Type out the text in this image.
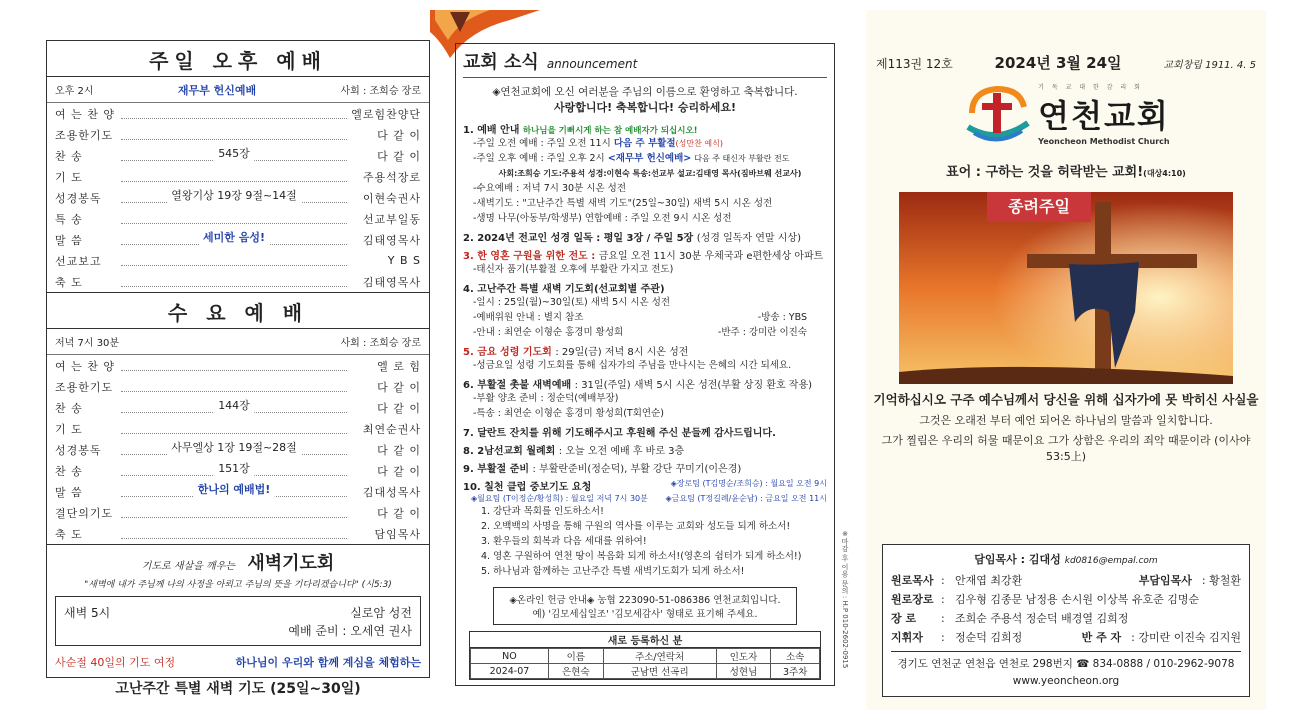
주일 오후 예배
오후 2시	재무부 헌신예배	사회 : 조희승 장로
여 는 찬 양	엘로힘찬양단
조용한기도	다 같 이
찬 송	545장	다 같 이
기 도	주용석장로
성경봉독	열왕기상 19장 9절~14절	이현숙권사
특 송	선교부일동
말 씀	세미한 음성!	김태영목사
선교보고	Y B S
축 도	김태영목사
수 요 예 배
저녁 7시 30분	사회 : 조희승 장로
여 는 찬 양	엘 로 힘
조용한기도	다 같 이
찬 송	144장	다 같 이
기 도	최연순권사
성경봉독	사무엘상 1장 19절~28절	다 같 이
찬 송	151장	다 같 이
말 씀	한나의 예배법!	김대성목사
결단의기도	다 같 이
축 도	담임목사
기도로 새살을 깨우는 새벽기도회
"새벽에 내가 주님께 나의 사정을 아뢰고 주님의 뜻을 기다리겠습니다" (시5:3)
새벽 5시	실로암 성전
예배 준비 : 오세연 권사
사순절 40일의 기도 여정	하나님이 우리와 함께 계심을 체험하는
고난주간 특별 새벽 기도 (25일~30일)
교회 소식 announcement
◈연천교회에 오신 여러분을 주님의 이름으로 환영하고 축복합니다.
사랑합니다! 축복합니다! 승리하세요!
1. 예배 안내 하나님을 기뻐시게 하는 참 예배자가 되십시오!
-주일 오전 예배 : 주일 오전 11시 다음 주 부활절(성만찬 예식)
-주일 오후 예배 : 주일 오후 2시 <재무부 헌신예배> 다음 주 태신자 부활란 전도
사회:조희승 기도:주용석 성경:이현숙 특송:선교부 설교:김태영 목사(짐바브웨 선교사)
-수요예배 : 저녁 7시 30분 시온 성전
-새벽기도 : "고난주간 특별 새벽 기도"(25일~30일) 새벽 5시 시온 성전
-생명 나무(아동부/학생부) 연합예배 : 주일 오전 9시 시온 성전
2. 2024년 전교인 성경 일독 : 평일 3장 / 주일 5장 (성경 일독자 연말 시상)
3. 한 영혼 구원을 위한 전도 : 금요일 오전 11시 30분 우체국과 e편한세상 아파트
-태신자 품기(부활절 오후에 부활란 가지고 전도)
4. 고난주간 특별 새벽 기도회(선교회별 주관)
-일시 : 25일(월)~30일(토) 새벽 5시 시온 성전
-예배위원 안내 : 별지 참조	-방송 : YBS
-안내 : 최연순 이형순 홍경미 황성희	-반주 : 강미란 이진숙
5. 금요 성령 기도회 : 29일(금) 저녁 8시 시온 성전
-성금요일 성령 기도회를 통해 십자가의 주님을 만나시는 은혜의 시간 되세요.
6. 부활절 촛불 새벽예배 : 31일(주일) 새벽 5시 시온 성전(부활 상징 환호 작용)
-부활 양초 준비 : 정순덕(예배부장)
-특송 : 최연순 이형순 홍경미 황성희(T회연순)
7. 달란트 잔치를 위해 기도해주시고 후원해 주신 분들께 감사드립니다.
8. 2남선교회 월례회 : 오늘 오전 예배 후 바로 3층
9. 부활절 준비 : 부활란준비(정순덕), 부활 강단 꾸미기(이은경)
10. 칠천 클럽 중보기도 요청	◈장로팀 (T김명순/조희승) : 월요일 오전 9시
◈월요팀 (T이정순/황성희) : 월요일 저녁 7시 30분 ◈금요팀 (T정길례/윤순남) : 금요일 오전 11시
1. 강단과 목회를 인도하소서!
2. 오백백의 사명을 통해 구원의 역사를 이루는 교회와 성도들 되게 하소서!
3. 환우들의 회복과 다음 세대를 위하여!
4. 영혼 구원하여 연천 땅이 복음화 되게 하소서!(영혼의 쉼터가 되게 하소서!)
5. 하나님과 함께하는 고난주간 특별 새벽기도회가 되게 하소서!
◈온라인 헌금 안내◈ 농협 223090-51-086386 연천교회입니다.
예) '김모세십일조' '김모세감사' 형태로 표기해 주세요.
새로 등록하신 분
NO	이름	주소/연락처	인도자	소속
2024-07	은현숙	군남면 선곡리	성현님	3주차
※마감 후 이용 문의 : H.P 010-2602-0915
제113권 12호	2024년 3월 24일	교회창립 1911. 4. 5
기 독 교 대 한 감 리 회
연천교회
Yeoncheon Methodist Church
표어 : 구하는 것을 허락받는 교회!(대상4:10)
종려주일
기억하십시오 구주 예수님께서 당신을 위해 십자가에 못 박히신 사실을
그것은 오래전 부터 예언 되어온 하나님의 말씀과 일치합니다.
그가 찔림은 우리의 허물 때문이요 그가 상함은 우리의 죄악 때문이라 (이사야 53:5上)
담임목사 : 김대성 kd0816@empal.com
원로목사 : 안재엽 최강환	부담임목사 : 황철환
원로장로 : 김우형 김종문 남정용 손시원 이상복 유호준 김명순
장 로	: 조희순 주용석 정순덕 배경열 김희정
지휘자	: 정순덕 김희정	반 주 자 : 강미란 이진숙 김지원
경기도 연천군 연천읍 연천로 298번지 ☎ 834-0888 / 010-2962-9078
www.yeoncheon.org
